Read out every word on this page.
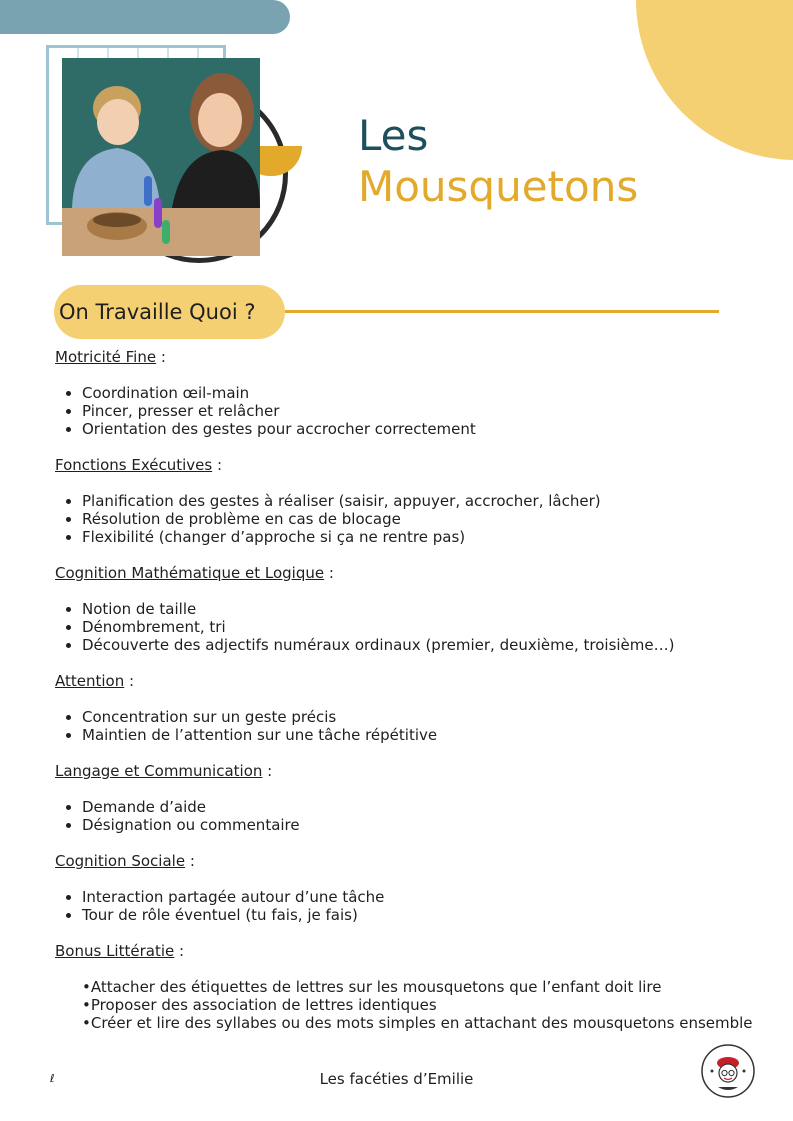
Les
Mousquetons
On Travaille Quoi ?
Motricité Fine :
• Coordination œil-main
• Pincer, presser et relâcher
• Orientation des gestes pour accrocher correctement
Fonctions Exécutives :
• Planification des gestes à réaliser (saisir, appuyer, accrocher, lâcher)
• Résolution de problème en cas de blocage
• Flexibilité (changer d’approche si ça ne rentre pas)
Cognition Mathématique et Logique :
• Notion de taille
• Dénombrement, tri
• Découverte des adjectifs numéraux ordinaux (premier, deuxième, troisième…)
Attention :
• Concentration sur un geste précis
• Maintien de l’attention sur une tâche répétitive
Langage et Communication :
• Demande d’aide
• Désignation ou commentaire
Cognition Sociale :
• Interaction partagée autour d’une tâche
• Tour de rôle éventuel (tu fais, je fais)
Bonus Littératie :
• Attacher des étiquettes de lettres sur les mousquetons que l’enfant doit lire
• Proposer des association de lettres identiques
• Créer et lire des syllabes ou des mots simples en attachant des mousquetons ensemble
ℓ	Les facéties d’Emilie
